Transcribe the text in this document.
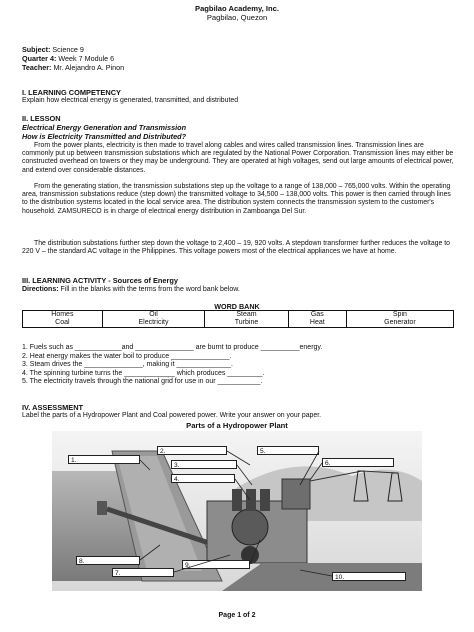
Pagbilao Academy, Inc.
Pagbilao, Quezon
Subject: Science 9
Quarter 4: Week 7 Module 6
Teacher: Mr. Alejandro A. Pinon
I. LEARNING COMPETENCY
Explain how electrical energy is generated, transmitted, and distributed
II. LESSON
Electrical Energy Generation and Transmission
How is Electricity Transmitted and Distributed?
From the power plants, electricity is then made to travel along cables and wires called transmission lines. Transmission lines are commonly put up between transmission substations which are regulated by the National Power Corporation. Transmission lines may either be constructed overhead on towers or they may be underground. They are operated at high voltages, send out large amounts of electrical power, and extend over considerable distances.
From the generating station, the transmission substations step up the voltage to a range of 138,000 – 765,000 volts. Within the operating area, transmission substations reduce (step down) the transmitted voltage to 34,500 – 138,000 volts. This power is then carried through lines to the distribution systems located in the local service area. The distribution system connects the transmission system to the customer's household. ZAMSURECO is in charge of electrical energy distribution in Zamboanga Del Sur.
The distribution substations further step down the voltage to 2,400 – 19, 920 volts. A stepdown transformer further reduces the voltage to 220 V – the standard AC voltage in the Philippines. This voltage powers most of the electrical appliances we have at home.
III. LEARNING ACTIVITY - Sources of Energy
Directions: Fill in the blanks with the terms from the word bank below.
WORD BANK
Homes	Oil	Steam	Gas	Spin
Coal	Electricity	Turbine	Heat	Generator
1. Fuels such as ____________and _______________ are burnt to produce __________energy.
2. Heat energy makes the water boil to produce _______________.
3. Steam drives the _______________, making it ______________.
4. The spinning turbine turns the _____________ which produces _________.
5. The electricity travels through the national grid for use in our ___________.
IV. ASSESSMENT
Label the parts of a Hydropower Plant and Coal powered power. Write your answer on your paper.
Parts of a Hydropower Plant
1.
2.
3.
4.
5.
6.
7.
8.
9.
10.
Page 1 of 2
